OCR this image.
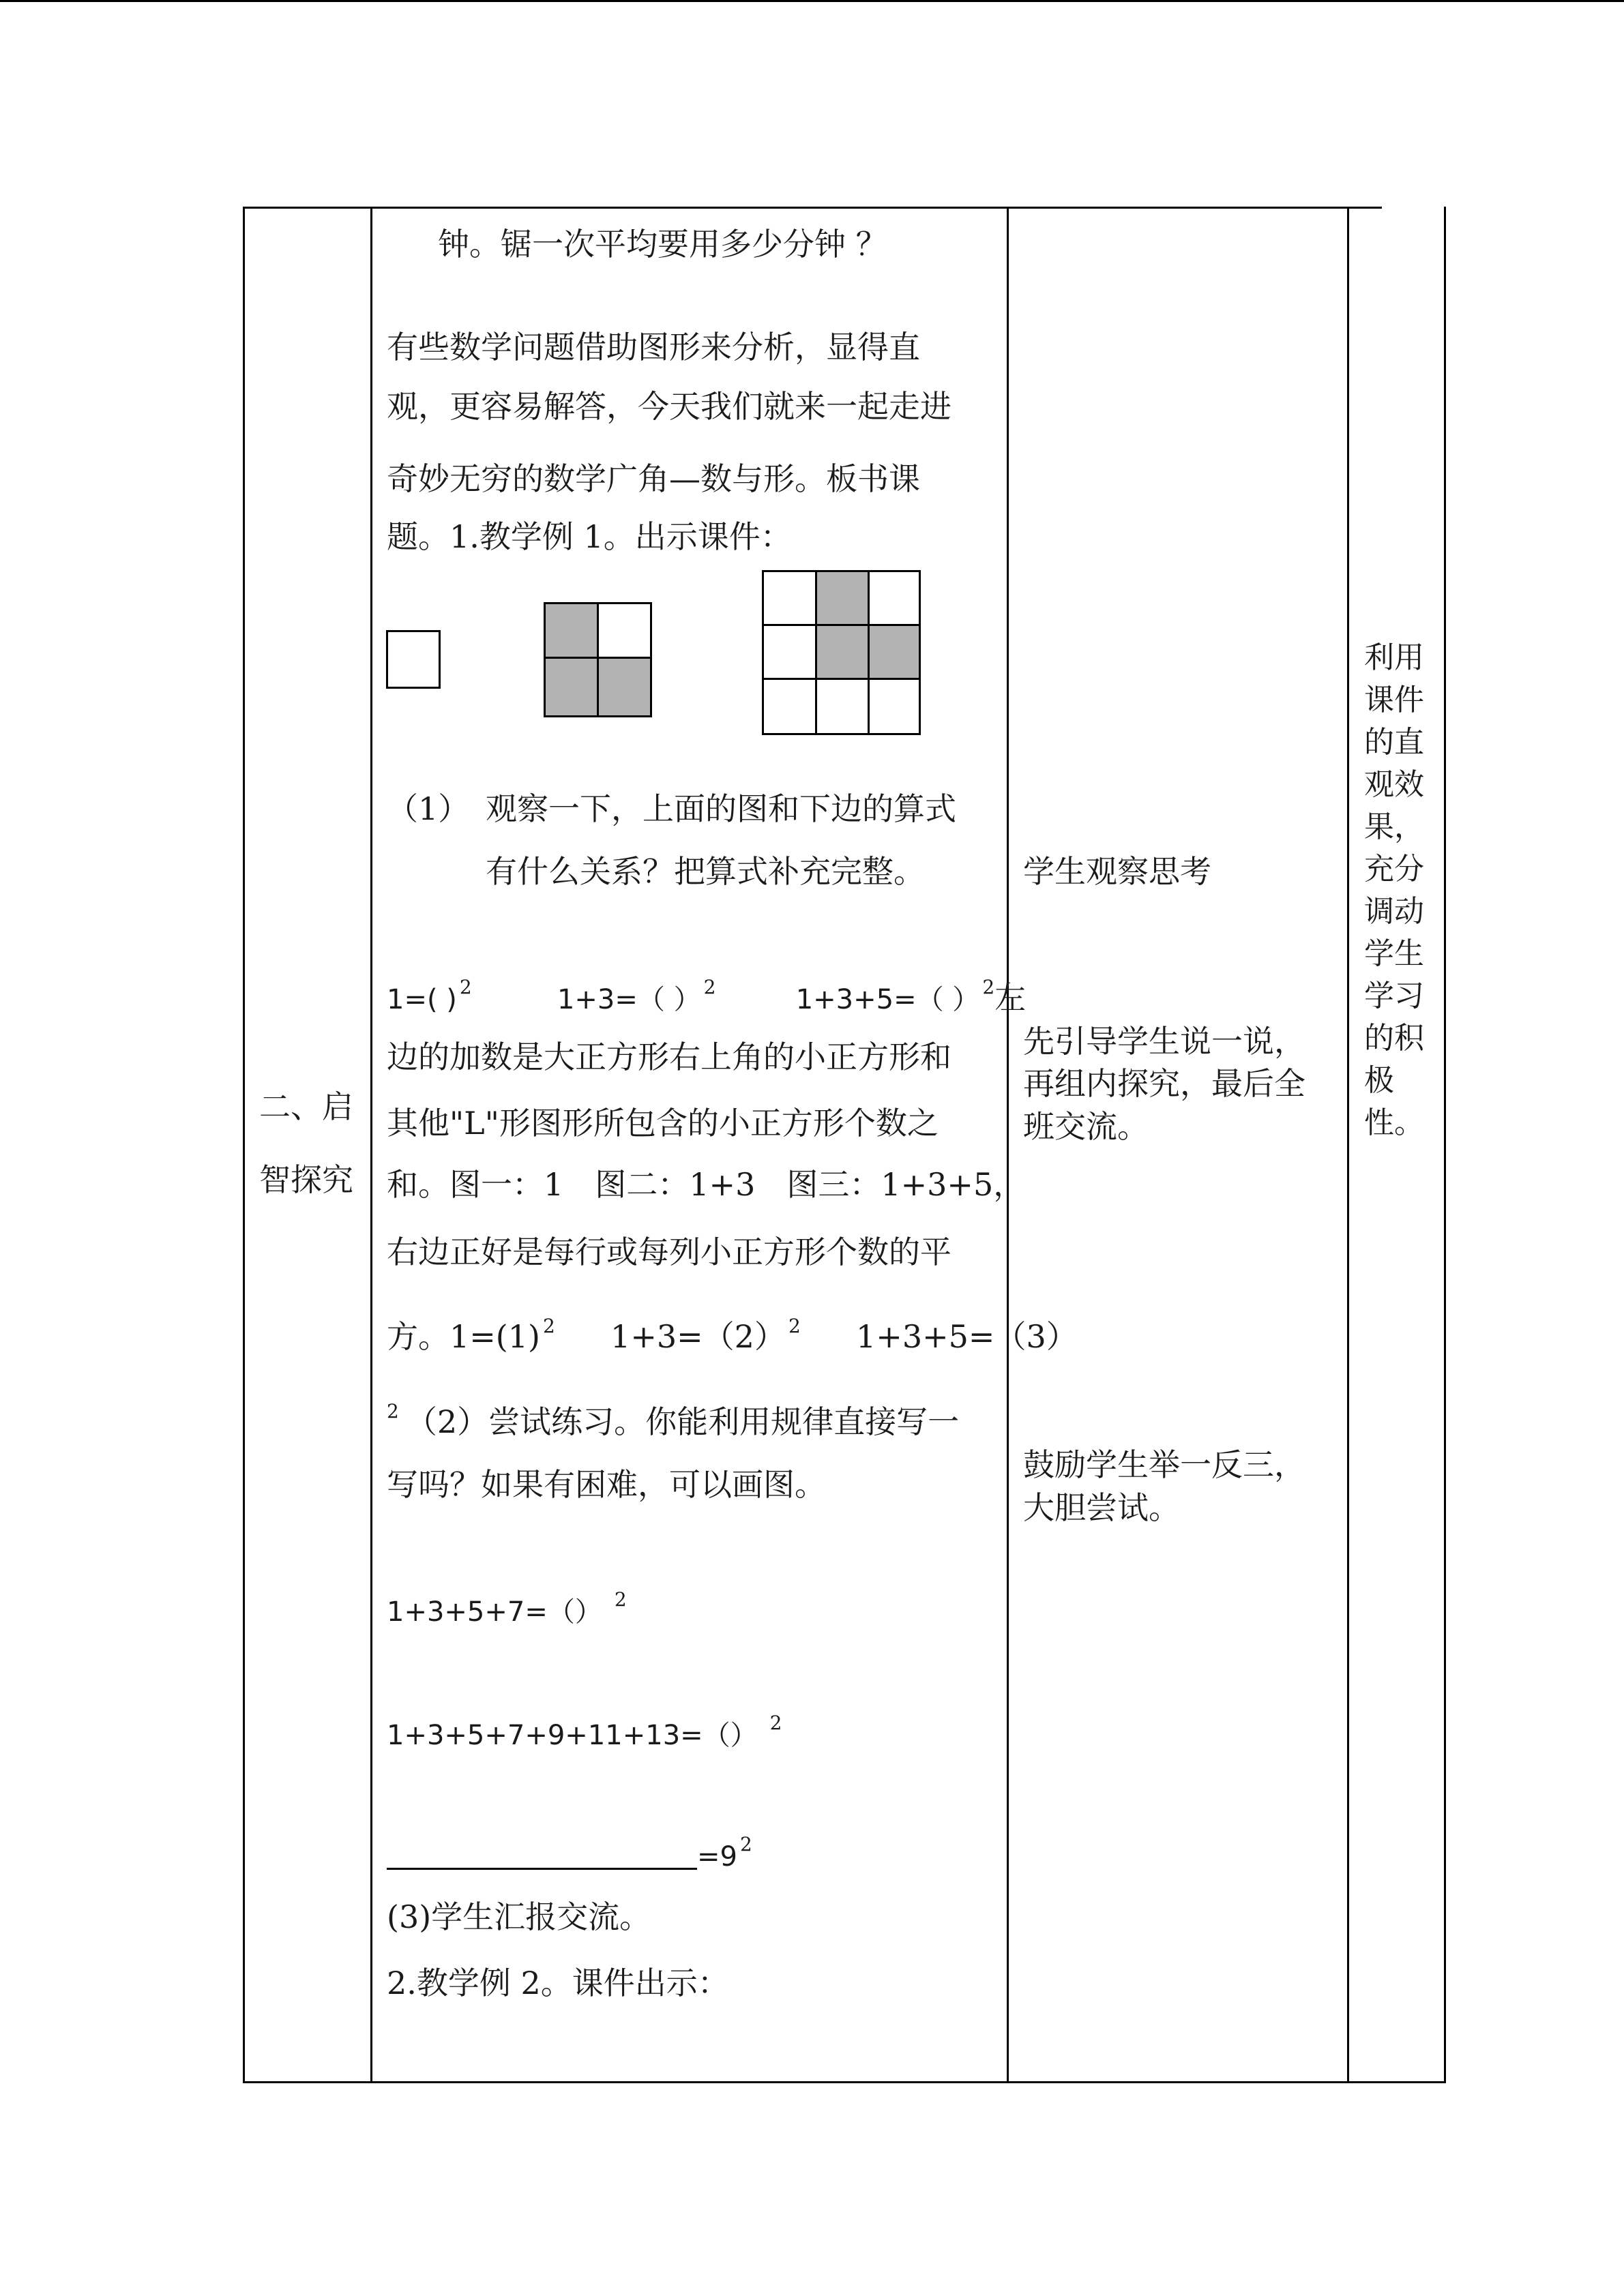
二、启
智探究
钟。锯一次平均要用多少分钟 ？
有些数学问题借助图形来分析，显得直
观，更容易解答，今天我们就来一起走进
奇妙无穷的数学广角—数与形。板书课
题。1.教学例 1。出示课件：
（1） 观察一下，上面的图和下边的算式
有什么关系？把算式补充完整。
1=( ) $^2$	1+3=（ ） $^2$	1+3+5=（ ） $^2$左
边的加数是大正方形右上角的小正方形和
其他"L"形图形所包含的小正方形个数之
和。图一：1　图二：1+3　图三：1+3+5，
右边正好是每行或每列小正方形个数的平
方。1=(1) $^2$ 1+3=（2） $^2$ 1+3+5=（3）
$^2$ （2）尝试练习。你能利用规律直接写一
写吗？如果有困难，可以画图。
1+3+5+7=（） $^2$
1+3+5+7+9+11+13=（） $^2$
=9 $^2$
(3)学生汇报交流。
2.教学例 2。课件出示：
学生观察思考
先引导学生说一说，
再组内探究，最后全
班交流。
鼓励学生举一反三，
大胆尝试。
利用
课件
的直
观效
果，
充分
调动
学生
学习
的积
极
性。
